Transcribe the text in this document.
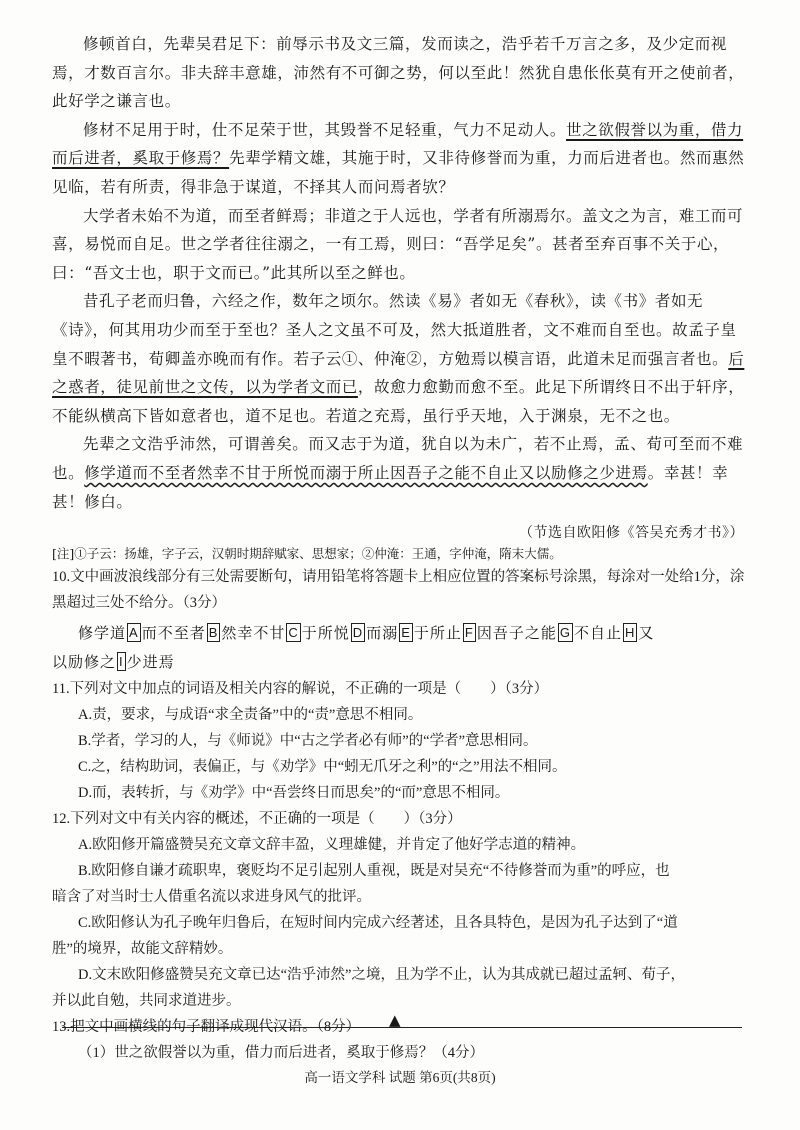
修顿首白，先辈吴君足下：前辱示书及文三篇，发而读之，浩乎若千万言之多，及少定而视焉，才数百言尔。非夫辞丰意雄，沛然有不可御之势，何以至此！然犹自患伥伥莫有开之使前者，此好学之谦言也。

修材不足用于时，仕不足荣于世，其毁誉不足轻重，气力不足动人。世之欲假誉以为重，借力而后进者，奚取于修焉？先辈学精文雄，其施于时，又非待修誉而为重，力而后进者也。然而惠然见临，若有所责，得非急于谋道，不择其人而问焉者欤？

大学者未始不为道，而至者鲜焉；非道之于人远也，学者有所溺焉尔。盖文之为言，难工而可喜，易悦而自足。世之学者往往溺之，一有工焉，则曰：“吾学足矣”。甚者至弃百事不关于心，曰：“吾文士也，职于文而已。”此其所以至之鲜也。

昔孔子老而归鲁，六经之作，数年之顷尔。然读《易》者如无《春秋》，读《书》者如无《诗》，何其用功少而至于至也？圣人之文虽不可及，然大抵道胜者，文不难而自至也。故孟子皇皇不暇著书，荀卿盖亦晚而有作。若子云①、仲淹②，方勉焉以模言语，此道未足而强言者也。后之惑者，徒见前世之文传，以为学者文而已，故愈力愈勤而愈不至。此足下所谓终日不出于轩序，不能纵横高下皆如意者也，道不足也。若道之充焉，虽行乎天地，入于渊泉，无不之也。

先辈之文浩乎沛然，可谓善矣。而又志于为道，犹自以为未广，若不止焉，孟、荀可至而不难也。修学道而不至者然幸不甘于所悦而溺于所止因吾子之能不自止又以励修之少进焉。幸甚！幸甚！修白。

（节选自欧阳修《答吴充秀才书》）

[注]①子云：扬雄，字子云，汉朝时期辞赋家、思想家；②仲淹：王通，字仲淹，隋末大儒。

10.文中画波浪线部分有三处需要断句，请用铅笔将答题卡上相应位置的答案标号涂黑，每涂对一处给1分，涂黑超过三处不给分。（3分）

修学道 A 而不至者 B 然幸不甘 C 于所悦 D 而溺 E 于所止 F 因吾子之能 G 不自止 H 又

以励修之 I 少进焉

11.下列对文中加点的词语及相关内容的解说，不正确的一项是（　　）（3分）

A.责，要求，与成语“求全责备”中的“责”意思不相同。

B.学者，学习的人，与《师说》中“古之学者必有师”的“学者”意思相同。

C.之，结构助词，表偏正，与《劝学》中“蚓无爪牙之利”的“之”用法不相同。

D.而，表转折，与《劝学》中“吾尝终日而思矣”的“而”意思不相同。

12.下列对文中有关内容的概述，不正确的一项是（　　）（3分）

A.欧阳修开篇盛赞吴充文章文辞丰盈，义理雄健，并肯定了他好学志道的精神。

B.欧阳修自谦才疏职卑，褒贬均不足引起别人重视，既是对吴充“不待修誉而为重”的呼应，也

暗含了对当时士人借重名流以求进身风气的批评。

C.欧阳修认为孔子晚年归鲁后，在短时间内完成六经著述，且各具特色，是因为孔子达到了“道

胜”的境界，故能文辞精妙。

D.文末欧阳修盛赞吴充文章已达“浩乎沛然”之境，且为学不止，认为其成就已超过孟轲、荀子，

并以此自勉，共同求道进步。

13.把文中画横线的句子翻译成现代汉语。（8分）

（1）世之欲假誉以为重，借力而后进者，奚取于修焉？（4分）

▲
高一语文学科 试题 第6页(共8页)
